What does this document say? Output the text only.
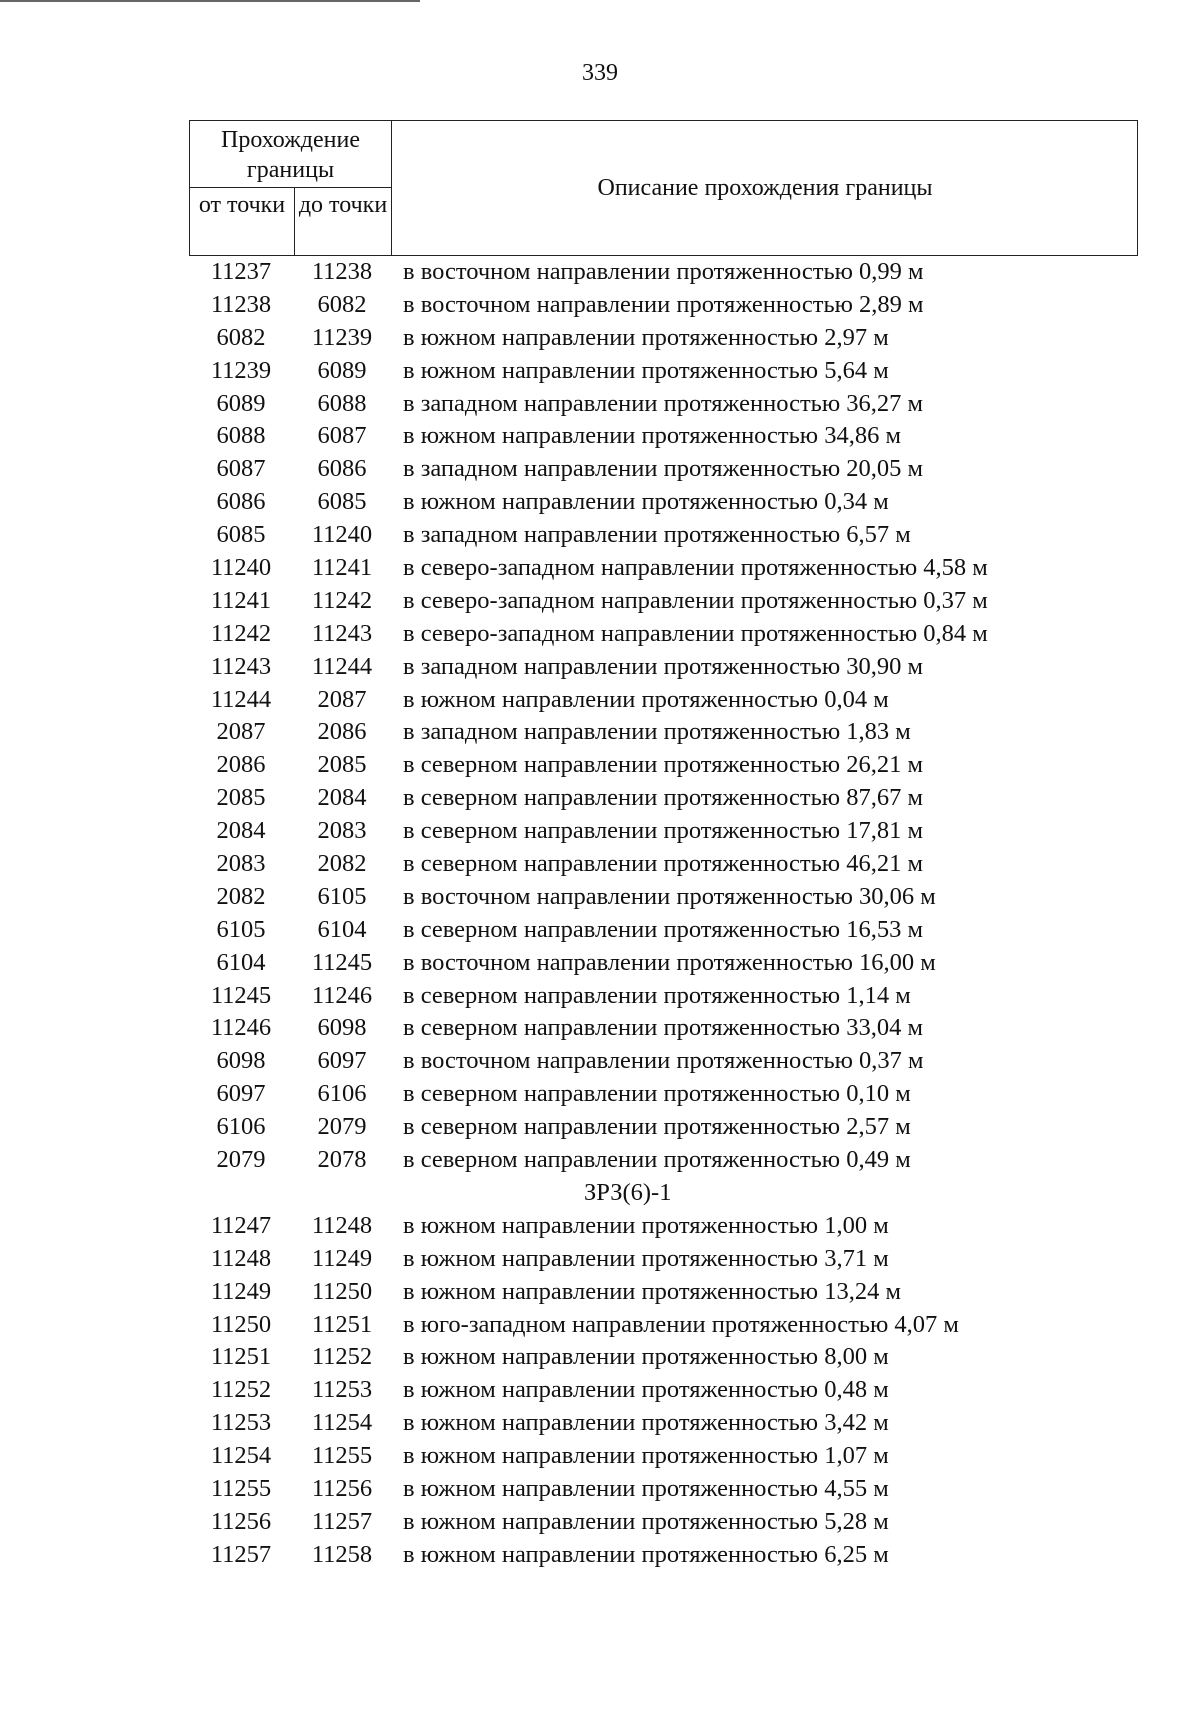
339
Прохождение границы
от точки до точки
Описание прохождения границы
11237	11238	в восточном направлении протяженностью 0,99 м
11238	6082	в восточном направлении протяженностью 2,89 м
6082	11239	в южном направлении протяженностью 2,97 м
11239	6089	в южном направлении протяженностью 5,64 м
6089	6088	в западном направлении протяженностью 36,27 м
6088	6087	в южном направлении протяженностью 34,86 м
6087	6086	в западном направлении протяженностью 20,05 м
6086	6085	в южном направлении протяженностью 0,34 м
6085	11240	в западном направлении протяженностью 6,57 м
11240	11241	в северо-западном направлении протяженностью 4,58 м
11241	11242	в северо-западном направлении протяженностью 0,37 м
11242	11243	в северо-западном направлении протяженностью 0,84 м
11243	11244	в западном направлении протяженностью 30,90 м
11244	2087	в южном направлении протяженностью 0,04 м
2087	2086	в западном направлении протяженностью 1,83 м
2086	2085	в северном направлении протяженностью 26,21 м
2085	2084	в северном направлении протяженностью 87,67 м
2084	2083	в северном направлении протяженностью 17,81 м
2083	2082	в северном направлении протяженностью 46,21 м
2082	6105	в восточном направлении протяженностью 30,06 м
6105	6104	в северном направлении протяженностью 16,53 м
6104	11245	в восточном направлении протяженностью 16,00 м
11245	11246	в северном направлении протяженностью 1,14 м
11246	6098	в северном направлении протяженностью 33,04 м
6098	6097	в восточном направлении протяженностью 0,37 м
6097	6106	в северном направлении протяженностью 0,10 м
6106	2079	в северном направлении протяженностью 2,57 м
2079	2078	в северном направлении протяженностью 0,49 м
ЗРЗ(6)-1
11247	11248	в южном направлении протяженностью 1,00 м
11248	11249	в южном направлении протяженностью 3,71 м
11249	11250	в южном направлении протяженностью 13,24 м
11250	11251	в юго-западном направлении протяженностью 4,07 м
11251	11252	в южном направлении протяженностью 8,00 м
11252	11253	в южном направлении протяженностью 0,48 м
11253	11254	в южном направлении протяженностью 3,42 м
11254	11255	в южном направлении протяженностью 1,07 м
11255	11256	в южном направлении протяженностью 4,55 м
11256	11257	в южном направлении протяженностью 5,28 м
11257	11258	в южном направлении протяженностью 6,25 м
